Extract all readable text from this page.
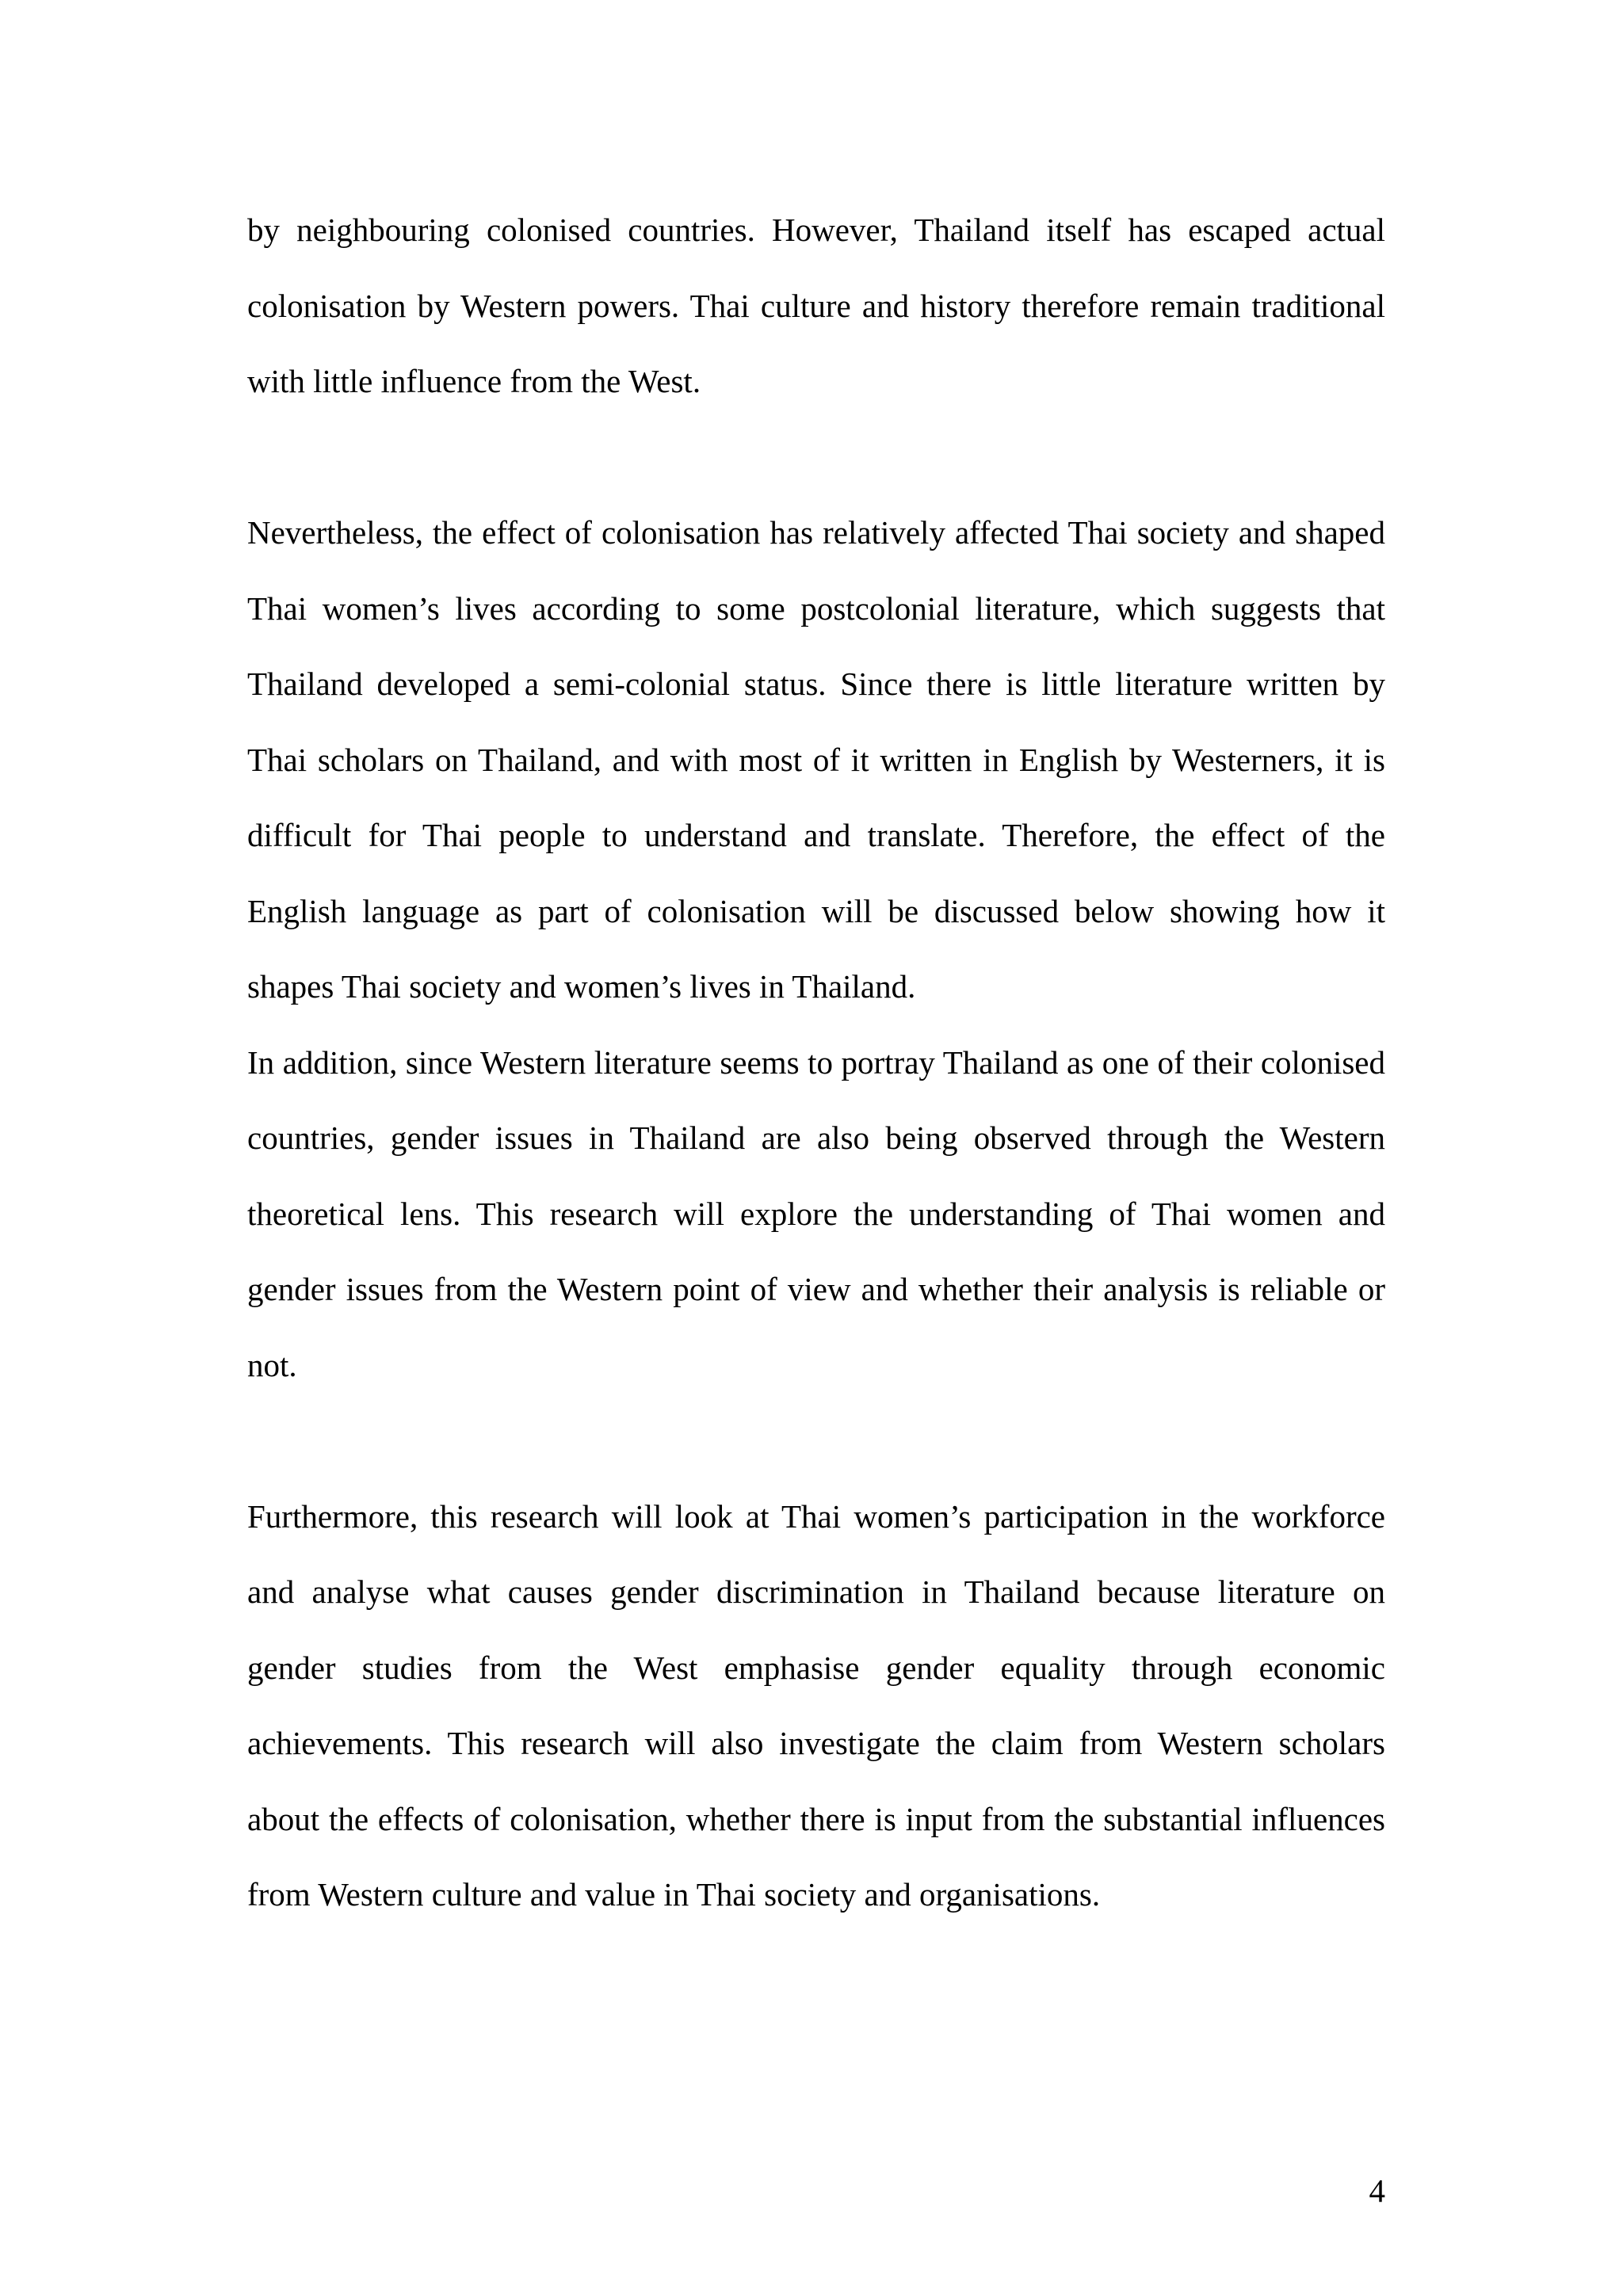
by neighbouring colonised countries. However, Thailand itself has escaped actual colonisation by Western powers. Thai culture and history therefore remain traditional with little influence from the West.

Nevertheless, the effect of colonisation has relatively affected Thai society and shaped Thai women’s lives according to some postcolonial literature, which suggests that Thailand developed a semi-colonial status. Since there is little literature written by Thai scholars on Thailand, and with most of it written in English by Westerners, it is difficult for Thai people to understand and translate. Therefore, the effect of the English language as part of colonisation will be discussed below showing how it shapes Thai society and women’s lives in Thailand.

In addition, since Western literature seems to portray Thailand as one of their colonised countries, gender issues in Thailand are also being observed through the Western theoretical lens. This research will explore the understanding of Thai women and gender issues from the Western point of view and whether their analysis is reliable or not.

Furthermore, this research will look at Thai women’s participation in the workforce and analyse what causes gender discrimination in Thailand because literature on gender studies from the West emphasise gender equality through economic achievements. This research will also investigate the claim from Western scholars about the effects of colonisation, whether there is input from the substantial influences from Western culture and value in Thai society and organisations.

4
